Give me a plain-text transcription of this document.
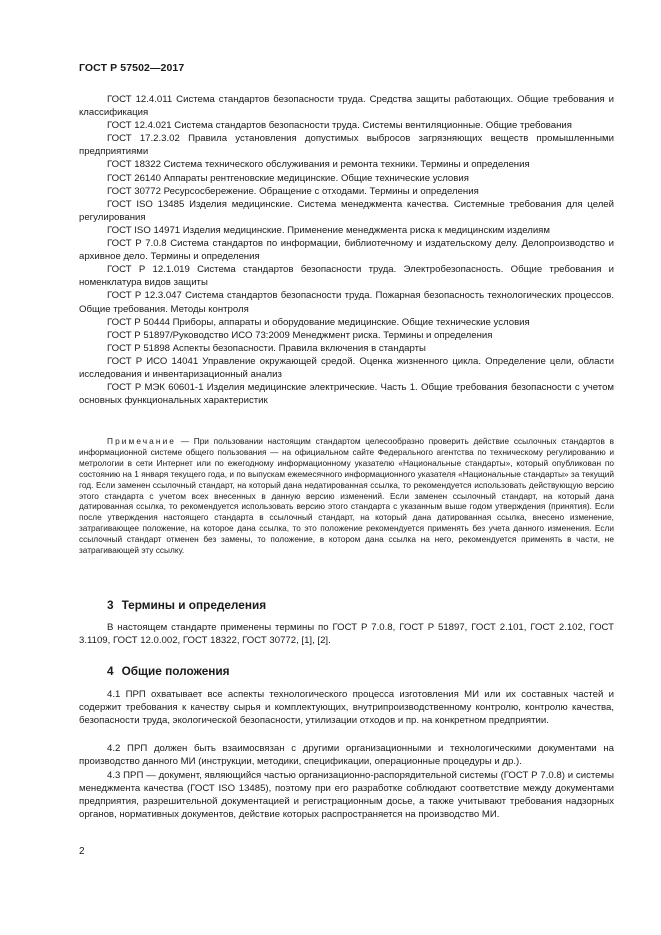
ГОСТ Р 57502—2017

ГОСТ 12.4.011 Система стандартов безопасности труда. Средства защиты работающих. Общие требования и классификация

ГОСТ 12.4.021 Система стандартов безопасности труда. Системы вентиляционные. Общие требования

ГОСТ 17.2.3.02 Правила установления допустимых выбросов загрязняющих веществ промышленными предприятиями

ГОСТ 18322 Система технического обслуживания и ремонта техники. Термины и определения

ГОСТ 26140 Аппараты рентгеновские медицинские. Общие технические условия

ГОСТ 30772 Ресурсосбережение. Обращение с отходами. Термины и определения

ГОСТ ISO 13485 Изделия медицинские. Система менеджмента качества. Системные требования для целей регулирования

ГОСТ ISO 14971 Изделия медицинские. Применение менеджмента риска к медицинским изделиям

ГОСТ Р 7.0.8 Система стандартов по информации, библиотечному и издательскому делу. Делопроизводство и архивное дело. Термины и определения

ГОСТ Р 12.1.019 Система стандартов безопасности труда. Электробезопасность. Общие требования и номенклатура видов защиты

ГОСТ Р 12.3.047 Система стандартов безопасности труда. Пожарная безопасность технологических процессов. Общие требования. Методы контроля

ГОСТ Р 50444 Приборы, аппараты и оборудование медицинские. Общие технические условия

ГОСТ Р 51897/Руководство ИСО 73:2009 Менеджмент риска. Термины и определения

ГОСТ Р 51898 Аспекты безопасности. Правила включения в стандарты

ГОСТ Р ИСО 14041 Управление окружающей средой. Оценка жизненного цикла. Определение цели, области исследования и инвентаризационный анализ

ГОСТ Р МЭК 60601-1 Изделия медицинские электрические. Часть 1. Общие требования безопасности с учетом основных функциональных характеристик

Примечание — При пользовании настоящим стандартом целесообразно проверить действие ссылочных стандартов в информационной системе общего пользования — на официальном сайте Федерального агентства по техническому регулированию и метрологии в сети Интернет или по ежегодному информационному указателю «Национальные стандарты», который опубликован по состоянию на 1 января текущего года, и по выпускам ежемесячного информационного указателя «Национальные стандарты» за текущий год. Если заменен ссылочный стандарт, на который дана недатированная ссылка, то рекомендуется использовать действующую версию этого стандарта с учетом всех внесенных в данную версию изменений. Если заменен ссылочный стандарт, на который дана датированная ссылка, то рекомендуется использовать версию этого стандарта с указанным выше годом утверждения (принятия). Если после утверждения настоящего стандарта в ссылочный стандарт, на который дана датированная ссылка, внесено изменение, затрагивающее положение, на которое дана ссылка, то это положение рекомендуется применять без учета данного изменения. Если ссылочный стандарт отменен без замены, то положение, в котором дана ссылка на него, рекомендуется применять в части, не затрагивающей эту ссылку.

3 Термины и определения

В настоящем стандарте применены термины по ГОСТ Р 7.0.8, ГОСТ Р 51897, ГОСТ 2.101, ГОСТ 2.102, ГОСТ 3.1109, ГОСТ 12.0.002, ГОСТ 18322, ГОСТ 30772, [1], [2].

4 Общие положения

4.1 ПРП охватывает все аспекты технологического процесса изготовления МИ или их составных частей и содержит требования к качеству сырья и комплектующих, внутрипроизводственному контролю, контролю качества, безопасности труда, экологической безопасности, утилизации отходов и пр. на конкретном предприятии.

4.2 ПРП должен быть взаимосвязан с другими организационными и технологическими документами на производство данного МИ (инструкции, методики, спецификации, операционные процедуры и др.).

4.3 ПРП — документ, являющийся частью организационно-распорядительной системы (ГОСТ Р 7.0.8) и системы менеджмента качества (ГОСТ ISO 13485), поэтому при его разработке соблюдают соответствие между документами предприятия, разрешительной документацией и регистрационным досье, а также учитывают требования надзорных органов, нормативных документов, действие которых распространяется на производство МИ.

2
